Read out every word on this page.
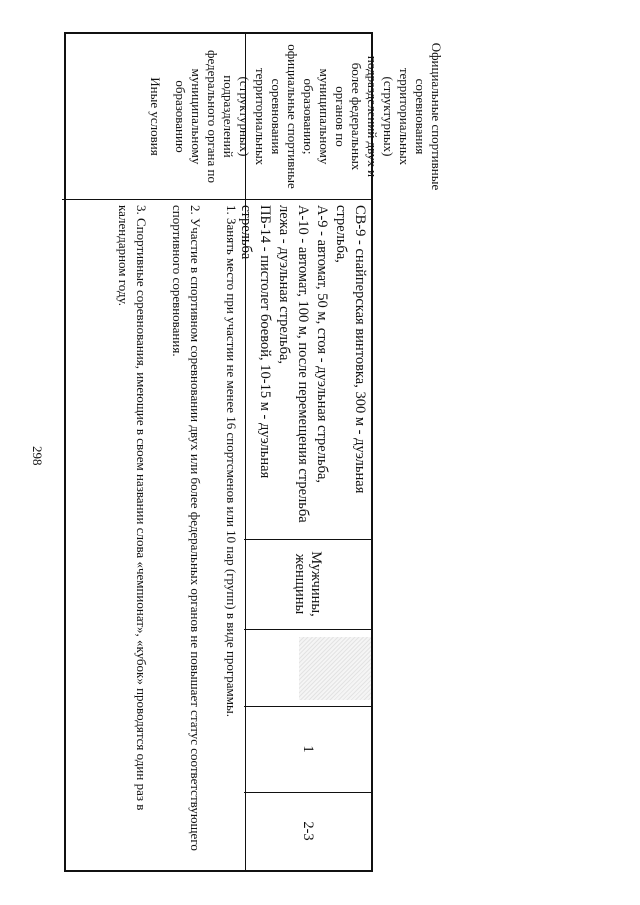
298
Официальные спортивные соревнования территориальных (структурных) подразделений двух и более федеральных органов по муниципальному образованию; официальные спортивные соревнования территориальных (структурных) подразделений федерального органа по муниципальному образованию
СВ-9 - снайперская винтовка, 300 м - дуэльная стрельба,
А-9 - автомат, 50 м, стоя - дуэльная стрельба,
А-10 - автомат, 100 м, после перемещения стрельба лежа - дуэльная стрельба,
ПБ-14 - пистолет боевой, 10-15 м - дуэльная стрельба
Мужчины, женщины
1
2-3
Иные условия

1. Занять место при участии не менее 16 спортсменов или 10 пар (групп) в виде программы.

2. Участие в спортивном соревновании двух или более федеральных органов не повышает статус соответствующего спортивного соревнования.

3. Спортивные соревнования, имеющие в своем названии слова «чемпионат», «кубок» проводятся один раз в календарном году.
